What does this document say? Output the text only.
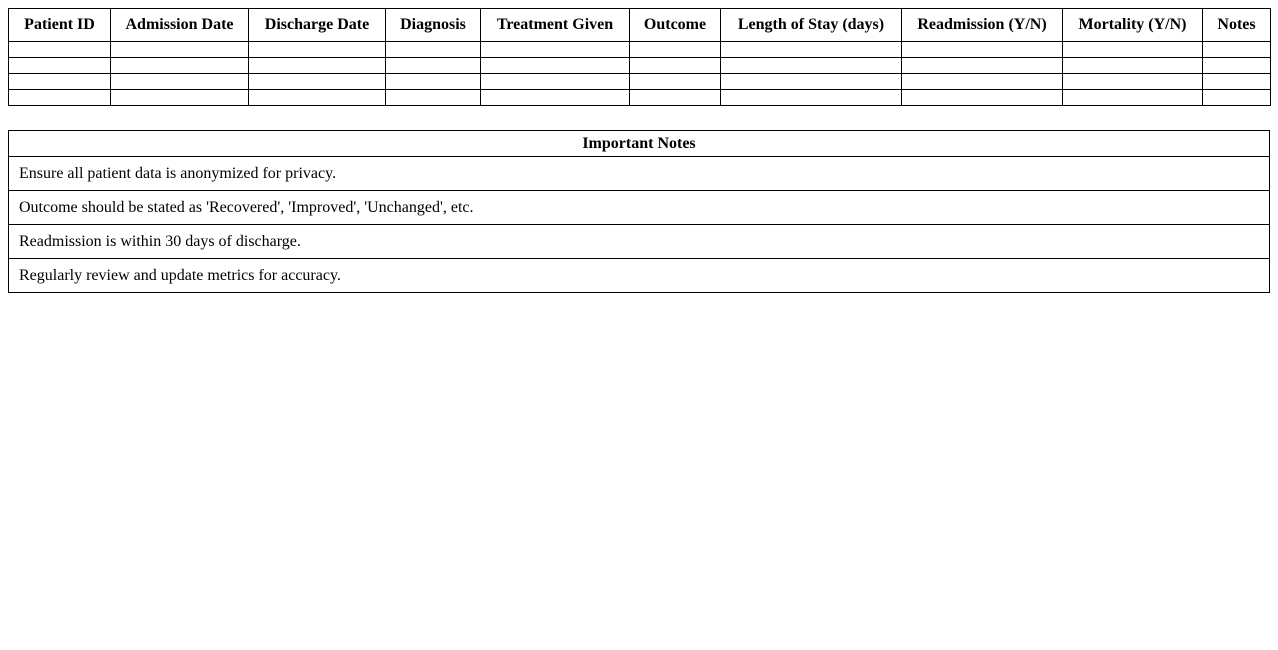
Patient ID	Admission Date	Discharge Date	Diagnosis	Treatment Given	Outcome	Length of Stay (days)	Readmission (Y/N)	Mortality (Y/N)	Notes

Important Notes
Ensure all patient data is anonymized for privacy.
Outcome should be stated as 'Recovered', 'Improved', 'Unchanged', etc.
Readmission is within 30 days of discharge.
Regularly review and update metrics for accuracy.
